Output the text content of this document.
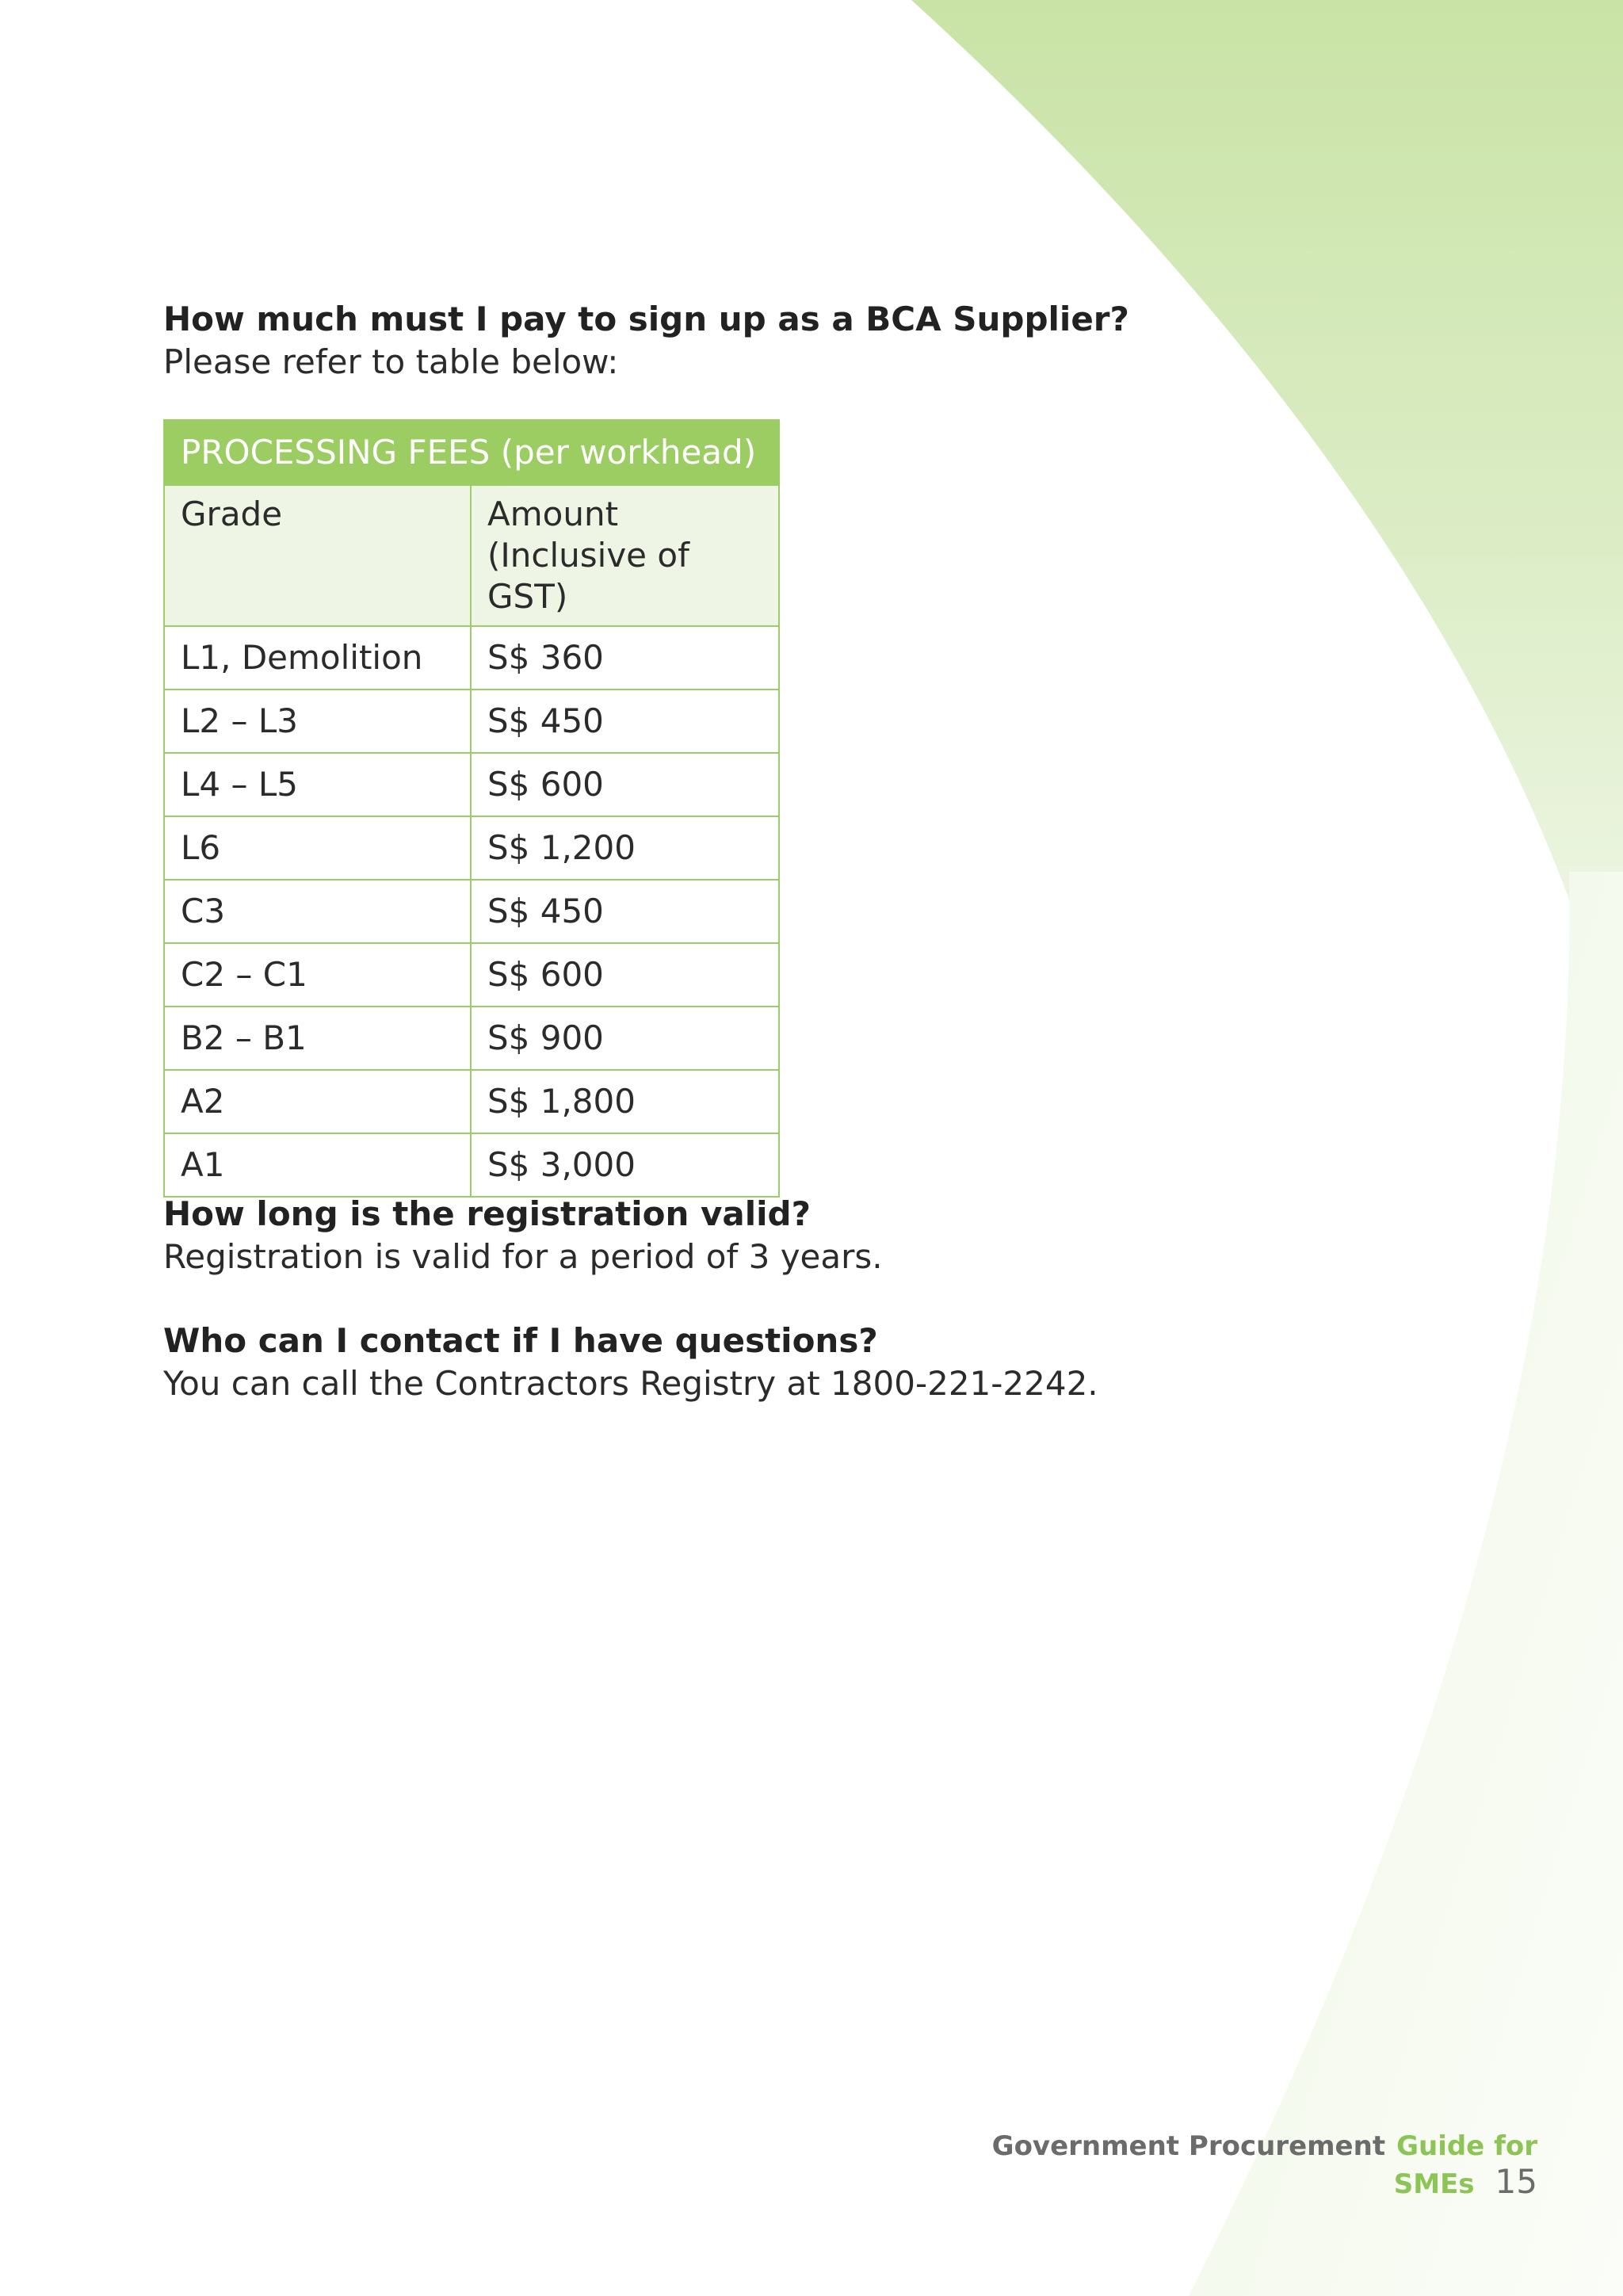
How much must I pay to sign up as a BCA Supplier?

Please refer to table below:

PROCESSING FEES (per workhead)	
Grade	Amount (Inclusive of GST)
L1, Demolition	S$ 360
L2 – L3	S$ 450
L4 – L5	S$ 600
L6	S$ 1,200
C3	S$ 450
C2 – C1	S$ 600
B2 – B1	S$ 900
A2	S$ 1,800
A1	S$ 3,000

How long is the registration valid?

Registration is valid for a period of 3 years.

Who can I contact if I have questions?

You can call the Contractors Registry at 1800-221-2242.

Government Procurement Guide for SMEs 15
